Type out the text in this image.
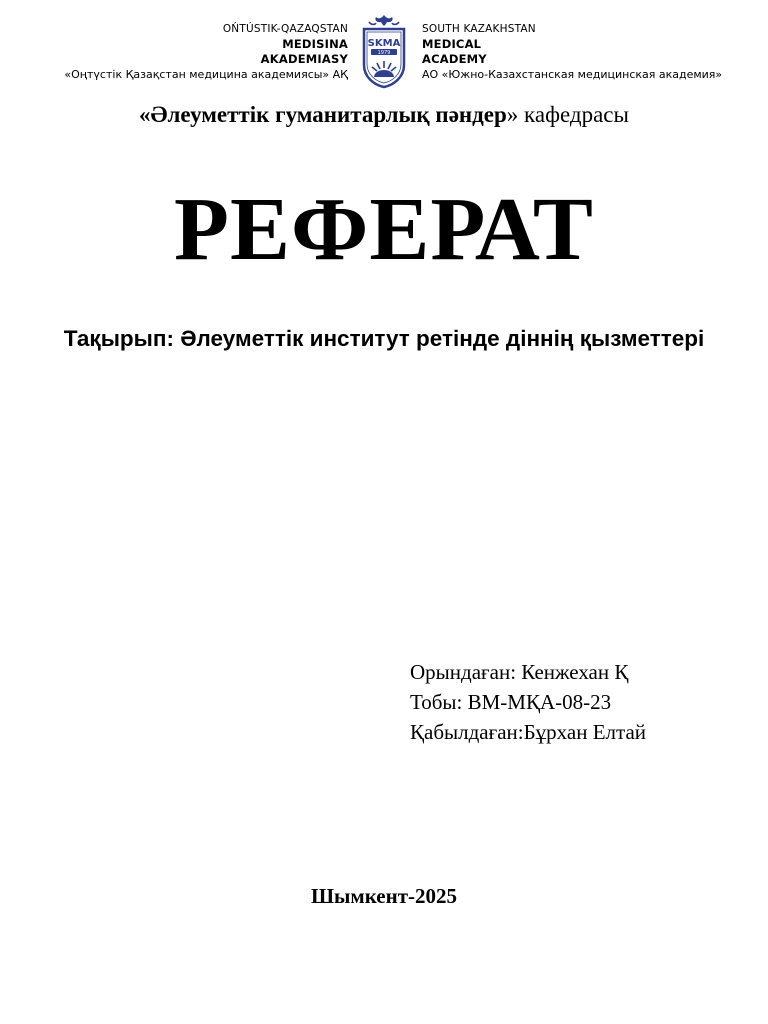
OŃTÚSTIK-QAZAQSTAN
MEDISINA
AKADEMIASY
«Оңтүстік Қазақстан медицина академиясы» АҚ
SKMA
1979
SOUTH KAZAKHSTAN
MEDICAL
ACADEMY
АО «Южно-Казахстанская медицинская академия»
«Әлеуметтік гуманитарлық пәндер» кафедрасы
РЕФЕРАТ
Тақырып: Әлеуметтік институт ретінде діннің қызметтері
Орындаған: Кенжехан Қ
Тобы: ВМ-МҚА-08-23
Қабылдаған:Бұрхан Елтай
Шымкент-2025
